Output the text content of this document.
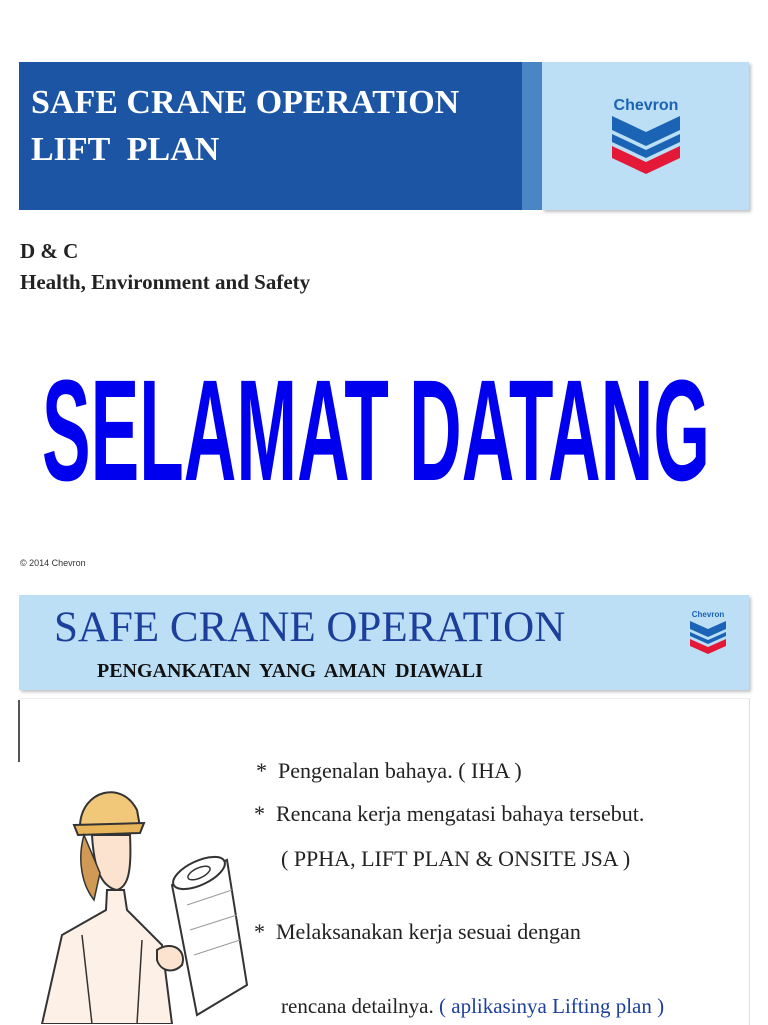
Chevron
SAFE CRANE OPERATION
LIFT  PLAN
D & C
Health, Environment and Safety
SELAMAT DATANG
© 2014 Chevron
Chevron
SAFE CRANE OPERATION
PENGANKATAN YANG AMAN DIAWALI
* Pengenalan bahaya. ( IHA )
* Rencana kerja mengatasi bahaya tersebut.
( PPHA, LIFT PLAN & ONSITE JSA )
* Melaksanakan kerja sesuai dengan
rencana detailnya. ( aplikasinya Lifting plan )
